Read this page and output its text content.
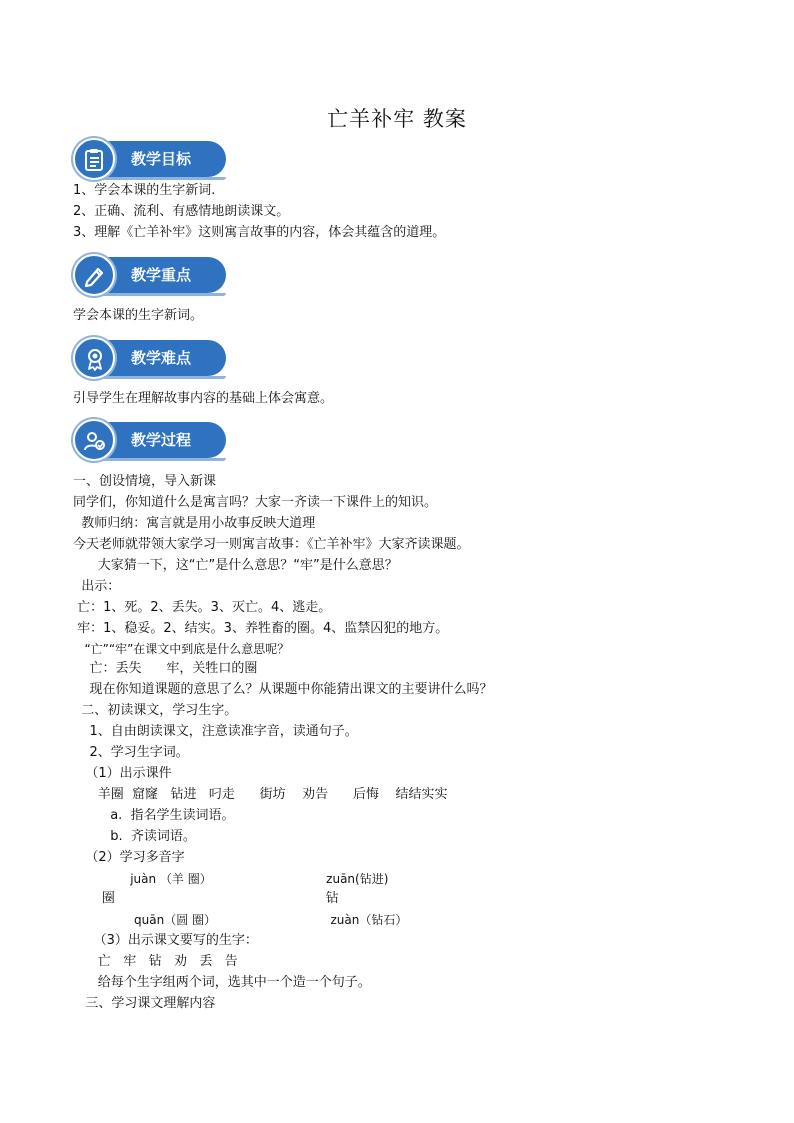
亡羊补牢 教案
教学目标
1、学会本课的生字新词.
2、正确、流利、有感情地朗读课文。
3、理解《亡羊补牢》这则寓言故事的内容，体会其蕴含的道理。
教学重点
学会本课的生字新词。
教学难点
引导学生在理解故事内容的基础上体会寓意。
教学过程
一、创设情境，导入新课
同学们，你知道什么是寓言吗？大家一齐读一下课件上的知识。
教师归纳：寓言就是用小故事反映大道理
今天老师就带领大家学习一则寓言故事：《亡羊补牢》大家齐读课题。
大家猜一下，这“亡”是什么意思？“牢”是什么意思？
出示：
亡：1、死。2、丢失。3、灭亡。4、逃走。
牢：1、稳妥。2、结实。3、养牲畜的圈。4、监禁囚犯的地方。
“亡”“牢”在课文中到底是什么意思呢？
亡：丢失      牢，关牲口的圈
现在你知道课题的意思了么？从课题中你能猜出课文的主要讲什么吗？
二、初读课文，学习生字。
1、自由朗读课文，注意读准字音，读通句子。
2、学习生字词。
（1）出示课件
羊圈  窟窿   钻进   叼走      街坊    劝告      后悔    结结实实
a.  指名学生读词语。
b.  齐读词语。
（2）学习多音字
juàn （羊 圈）                              zuān(钻进)
圈                                                   钻
quān（圆 圈）                              zuàn（钻石）
（3）出示课文要写的生字：
亡   牢   钻   劝   丢   告
给每个生字组两个词，选其中一个造一个句子。
三、学习课文理解内容
